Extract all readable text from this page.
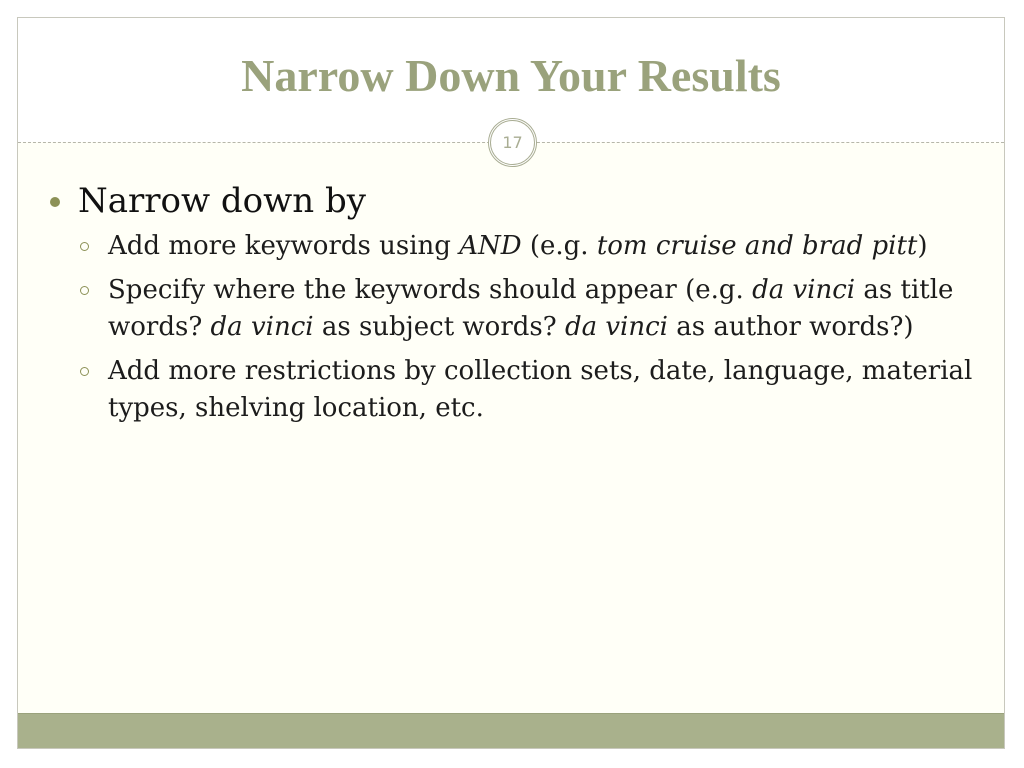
Narrow Down Your Results
17
Narrow down by
Add more keywords using AND (e.g. tom cruise and brad pitt)
Specify where the keywords should appear (e.g. da vinci as title words? da vinci as subject words? da vinci as author words?)
Add more restrictions by collection sets, date, language, material types, shelving location, etc.
